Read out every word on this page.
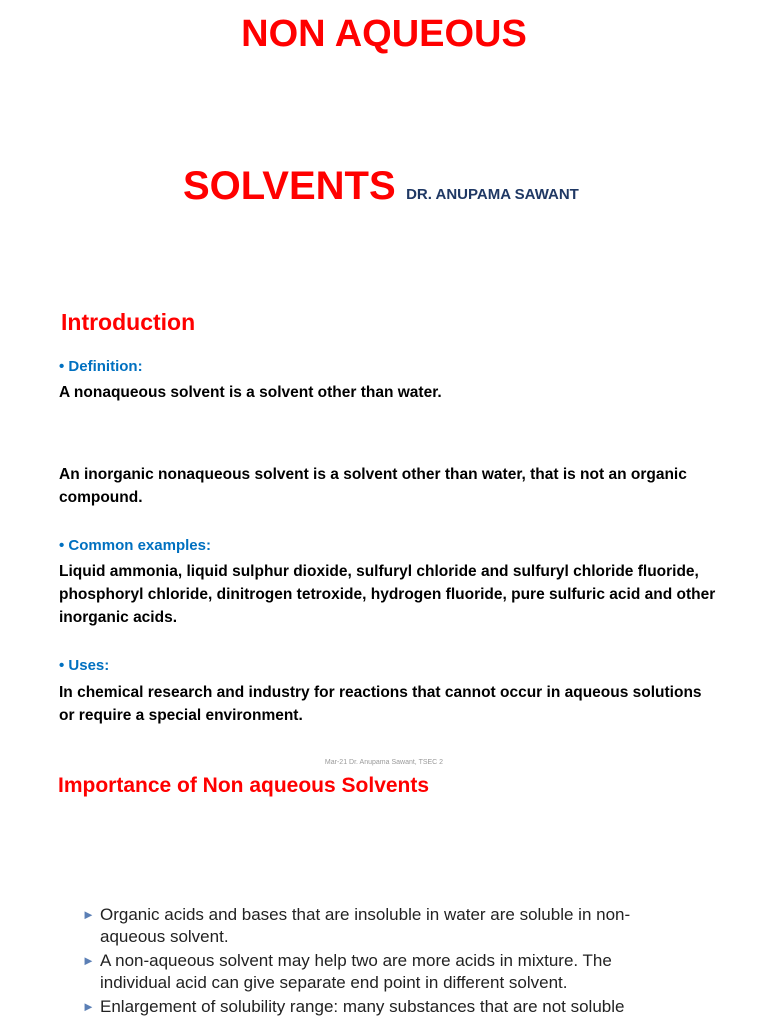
NON AQUEOUS
SOLVENTS DR. ANUPAMA SAWANT
Introduction
• Definition:
A nonaqueous solvent is a solvent other than water.
An inorganic nonaqueous solvent is a solvent other than water, that is not an organic compound.
• Common examples:
Liquid ammonia, liquid sulphur dioxide, sulfuryl chloride and sulfuryl chloride fluoride, phosphoryl chloride, dinitrogen tetroxide, hydrogen fluoride, pure sulfuric acid and other inorganic acids.
• Uses:
In chemical research and industry for reactions that cannot occur in aqueous solutions or require a special environment.
Mar-21 Dr. Anupama Sawant, TSEC 2
Importance of Non aqueous Solvents
► Organic acids and bases that are insoluble in water are soluble in non-aqueous solvent.
► A non-aqueous solvent may help two are more acids in mixture. The individual acid can give separate end point in different solvent.
► Enlargement of solubility range: many substances that are not soluble
